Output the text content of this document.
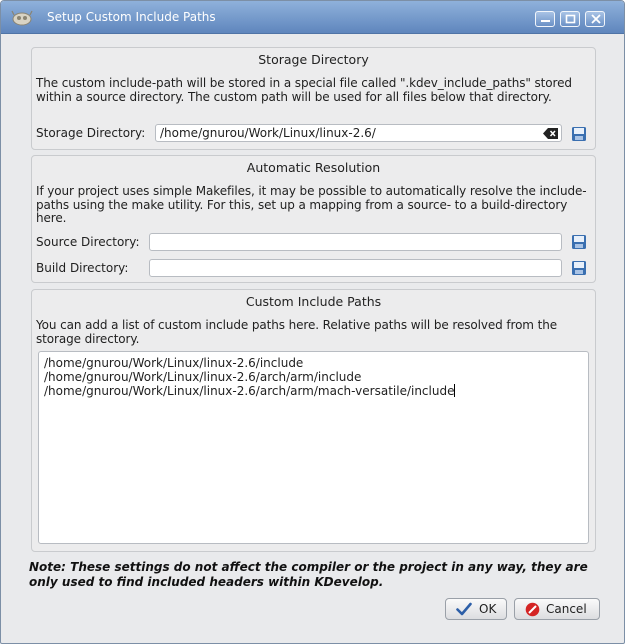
Setup Custom Include Paths
Storage Directory
The custom include-path will be stored in a special file called ".kdev_include_paths" stored within a source directory. The custom path will be used for all files below that directory.
Storage Directory:	/home/gnurou/Work/Linux/linux-2.6/
Automatic Resolution
If your project uses simple Makefiles, it may be possible to automatically resolve the include-paths using the make utility. For this, set up a mapping from a source- to a build-directory here.
Source Directory:
Build Directory:
Custom Include Paths
You can add a list of custom include paths here. Relative paths will be resolved from the storage directory.
/home/gnurou/Work/Linux/linux-2.6/include
/home/gnurou/Work/Linux/linux-2.6/arch/arm/include
/home/gnurou/Work/Linux/linux-2.6/arch/arm/mach-versatile/include
Note: These settings do not affect the compiler or the project in any way, they are only used to find included headers within KDevelop.
OK	Cancel
